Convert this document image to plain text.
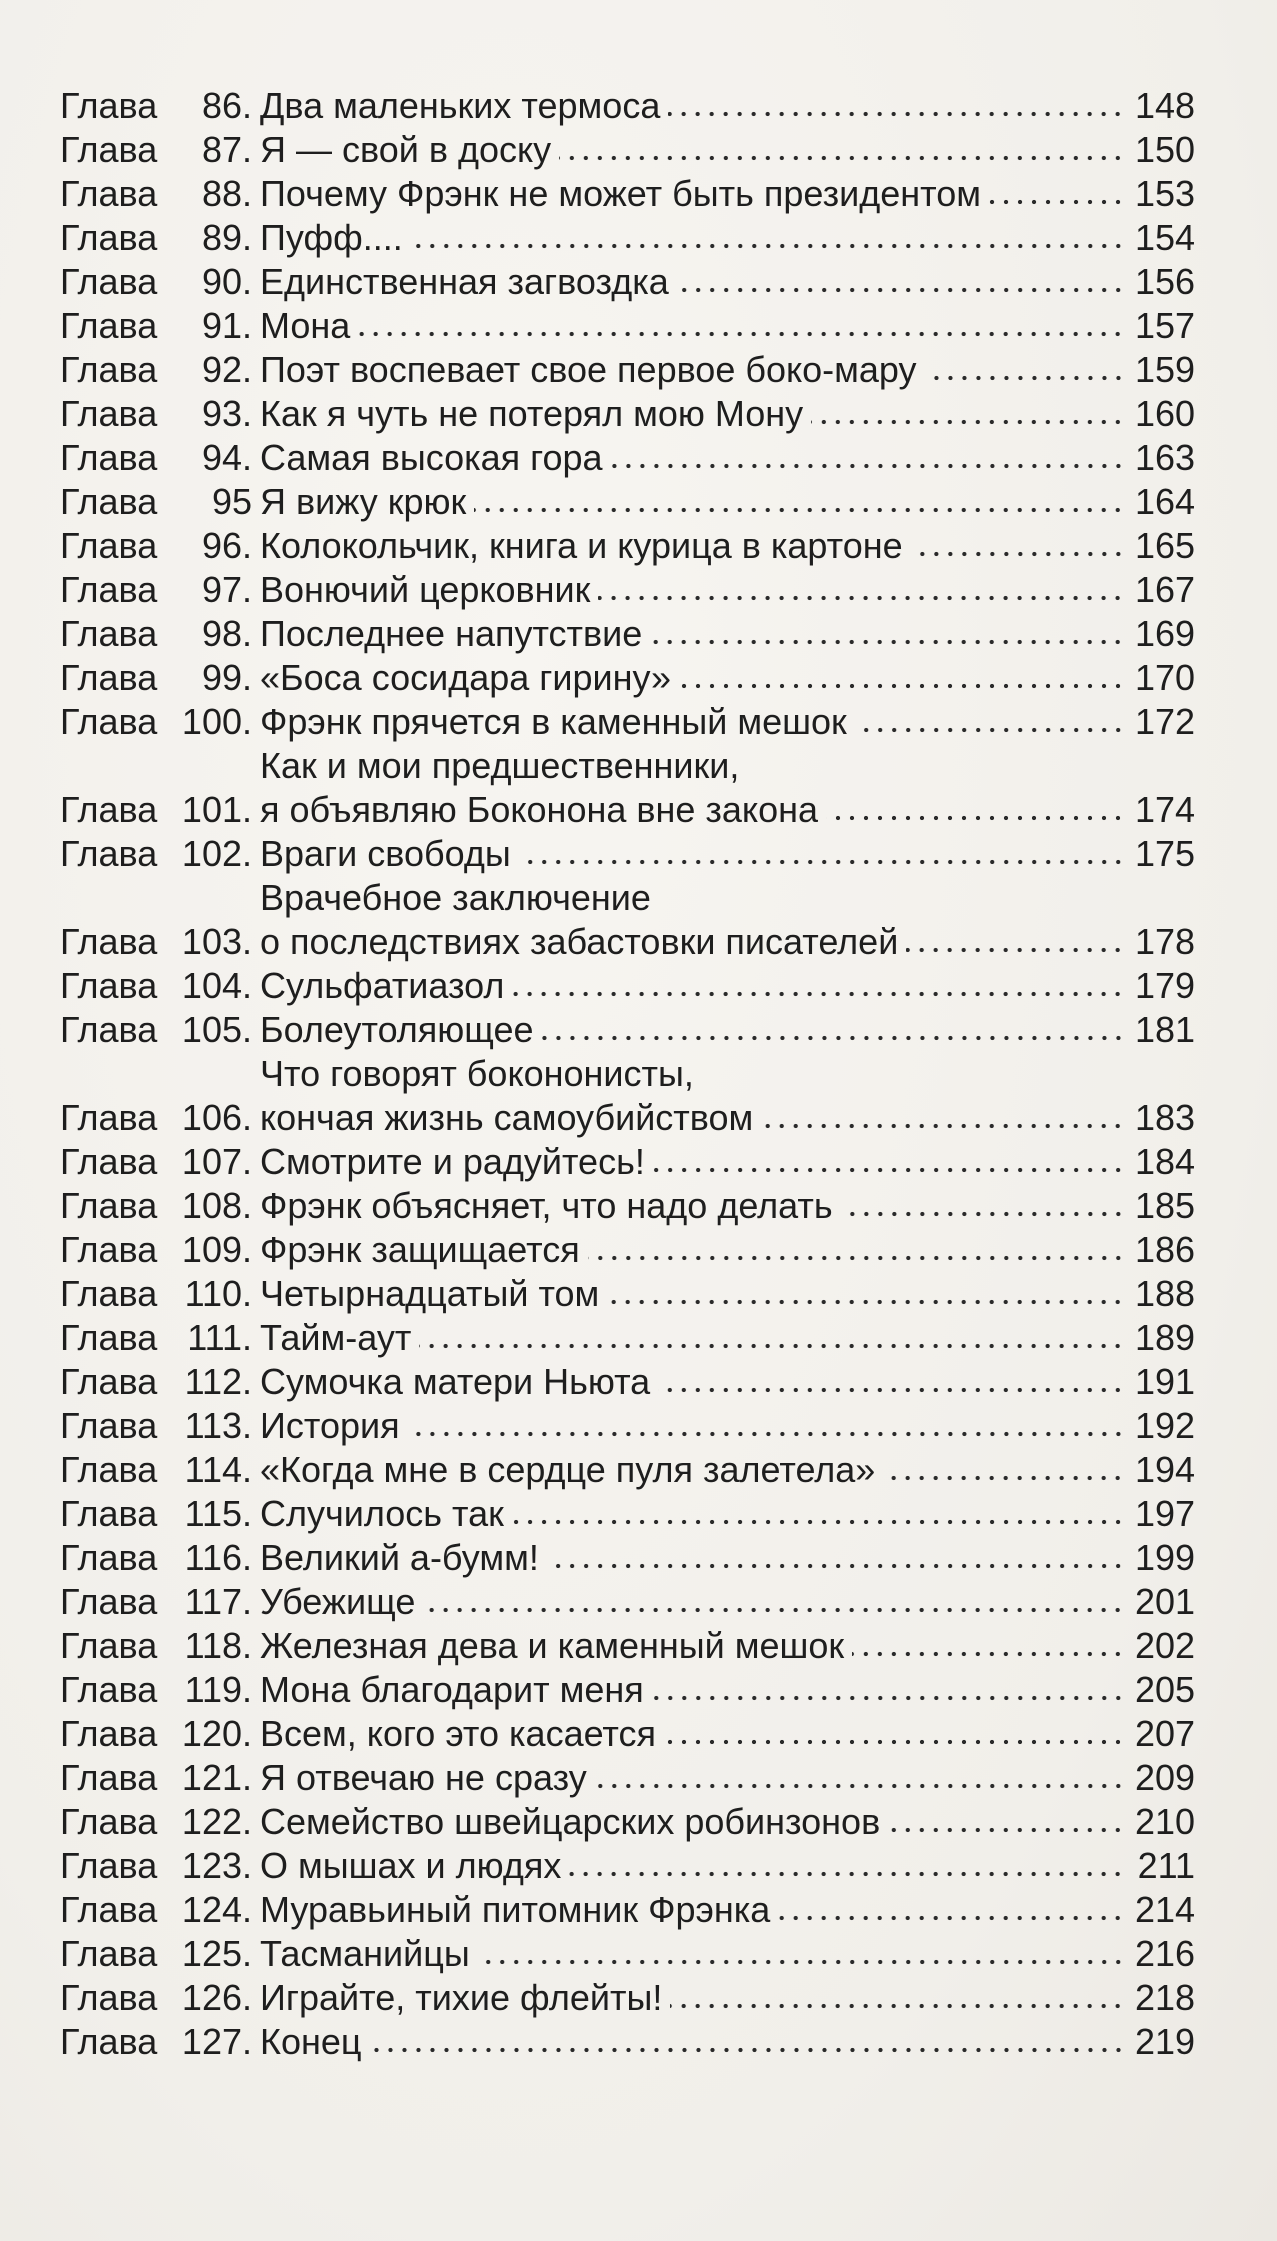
Глава	86. Два маленьких термоса	148
Глава	87. Я — свой в доску	150
Глава	88. Почему Фрэнк не может быть президентом	153
Глава	89. Пуфф....	154
Глава	90. Единственная загвоздка	156
Глава	91. Мона	157
Глава	92. Поэт воспевает свое первое боко-мару	159
Глава	93. Как я чуть не потерял мою Мону	160
Глава	94. Самая высокая гора	163
Глава	95 Я вижу крюк	164
Глава	96. Колокольчик, книга и курица в картоне	165
Глава	97. Вонючий церковник	167
Глава	98. Последнее напутствие	169
Глава	99. «Боса сосидара гирину»	170
Глава 100. Фрэнк прячется в каменный мешок	172
Глава 101.
Как и мои предшественники,
я объявляю Боконона вне закона	174
Глава 102. Враги свободы	175
Глава 103.
Врачебное заключение
о последствиях забастовки писателей	178
Глава 104. Сульфатиазол	179
Глава 105. Болеутоляющее	181
Глава 106.
Что говорят бокононисты,
кончая жизнь самоубийством	183
Глава 107. Смотрите и радуйтесь!	184
Глава 108. Фрэнк объясняет, что надо делать	185
Глава 109. Фрэнк защищается	186
Глава 110. Четырнадцатый том	188
Глава 111. Тайм-аут	189
Глава 112. Сумочка матери Ньюта	191
Глава 113. История	192
Глава 114. «Когда мне в сердце пуля залетела»	194
Глава 115. Случилось так	197
Глава 116. Великий а-бумм!	199
Глава 117. Убежище	201
Глава 118. Железная дева и каменный мешок	202
Глава 119. Мона благодарит меня	205
Глава 120. Всем, кого это касается	207
Глава 121. Я отвечаю не сразу	209
Глава 122. Семейство швейцарских робинзонов	210
Глава 123. О мышах и людях	211
Глава 124. Муравьиный питомник Фрэнка	214
Глава 125. Тасманийцы	216
Глава 126. Играйте, тихие флейты!	218
Глава 127. Конец	219
